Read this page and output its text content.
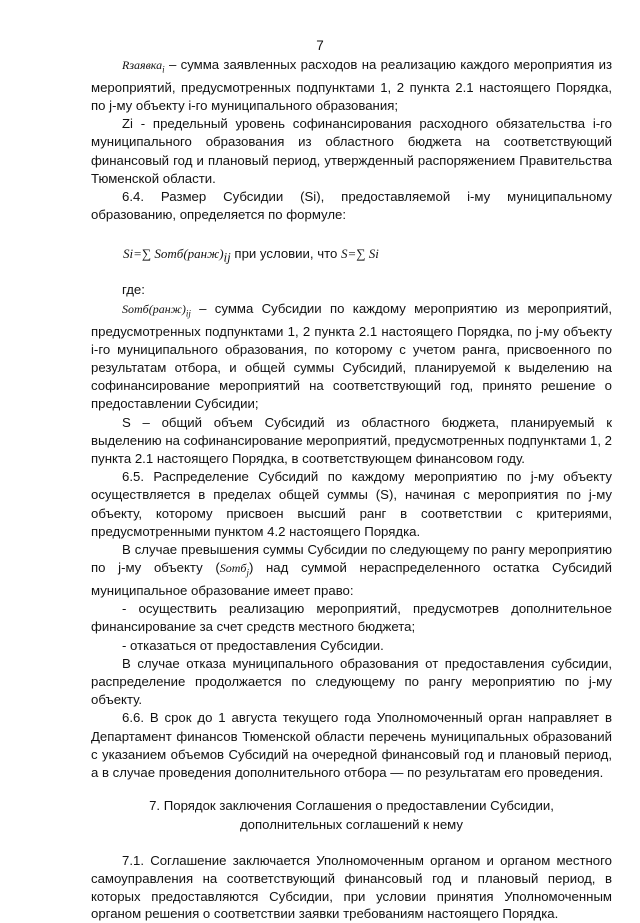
7

Rзаявка$_i$ – сумма заявленных расходов на реализацию каждого мероприятия из мероприятий, предусмотренных подпунктами 1, 2 пункта 2.1 настоящего Порядка, по j-му объекту i-го муниципального образования;

Zi - предельный уровень софинансирования расходного обязательства i-го муниципального образования из областного бюджета на соответствующий финансовый год и плановый период, утвержденный распоряжением Правительства Тюменской области.

6.4. Размер Субсидии (Si), предоставляемой i-му муниципальному образованию, определяется по формуле:

Si=∑ Sотб(ранж)ij при условии, что S=∑ Si

где:

$Sотб(ранж)_{ij}$ – сумма Субсидии по каждому мероприятию из мероприятий, предусмотренных подпунктами 1, 2 пункта 2.1 настоящего Порядка, по j-му объекту i-го муниципального образования, по которому с учетом ранга, присвоенного по результатам отбора, и общей суммы Субсидий, планируемой к выделению на софинансирование мероприятий на соответствующий год, принято решение о предоставлении Субсидии;

S – общий объем Субсидий из областного бюджета, планируемый к выделению на софинансирование мероприятий, предусмотренных подпунктами 1, 2 пункта 2.1 настоящего Порядка, в соответствующем финансовом году.

6.5. Распределение Субсидий по каждому мероприятию по j-му объекту осуществляется в пределах общей суммы (S), начиная с мероприятия по j-му объекту, которому присвоен высший ранг в соответствии с критериями, предусмотренными пунктом 4.2 настоящего Порядка.

В случае превышения суммы Субсидии по следующему по рангу мероприятию по j-му объекту (Sотб$_j$) над суммой нераспределенного остатка Субсидий муниципальное образование имеет право:

- осуществить реализацию мероприятий, предусмотрев дополнительное финансирование за счет средств местного бюджета;

- отказаться от предоставления Субсидии.

В случае отказа муниципального образования от предоставления субсидии, распределение продолжается по следующему по рангу мероприятию по j-му объекту.

6.6. В срок до 1 августа текущего года Уполномоченный орган направляет в Департамент финансов Тюменской области перечень муниципальных образований с указанием объемов Субсидий на очередной финансовый год и плановый период, а в случае проведения дополнительного отбора — по результатам его проведения.

7. Порядок заключения Соглашения о предоставлении Субсидии,
дополнительных соглашений к нему

7.1. Соглашение заключается Уполномоченным органом и органом местного самоуправления на соответствующий финансовый год и плановый период, в которых предоставляются Субсидии, при условии принятия Уполномоченным органом решения о соответствии заявки требованиям настоящего Порядка.
